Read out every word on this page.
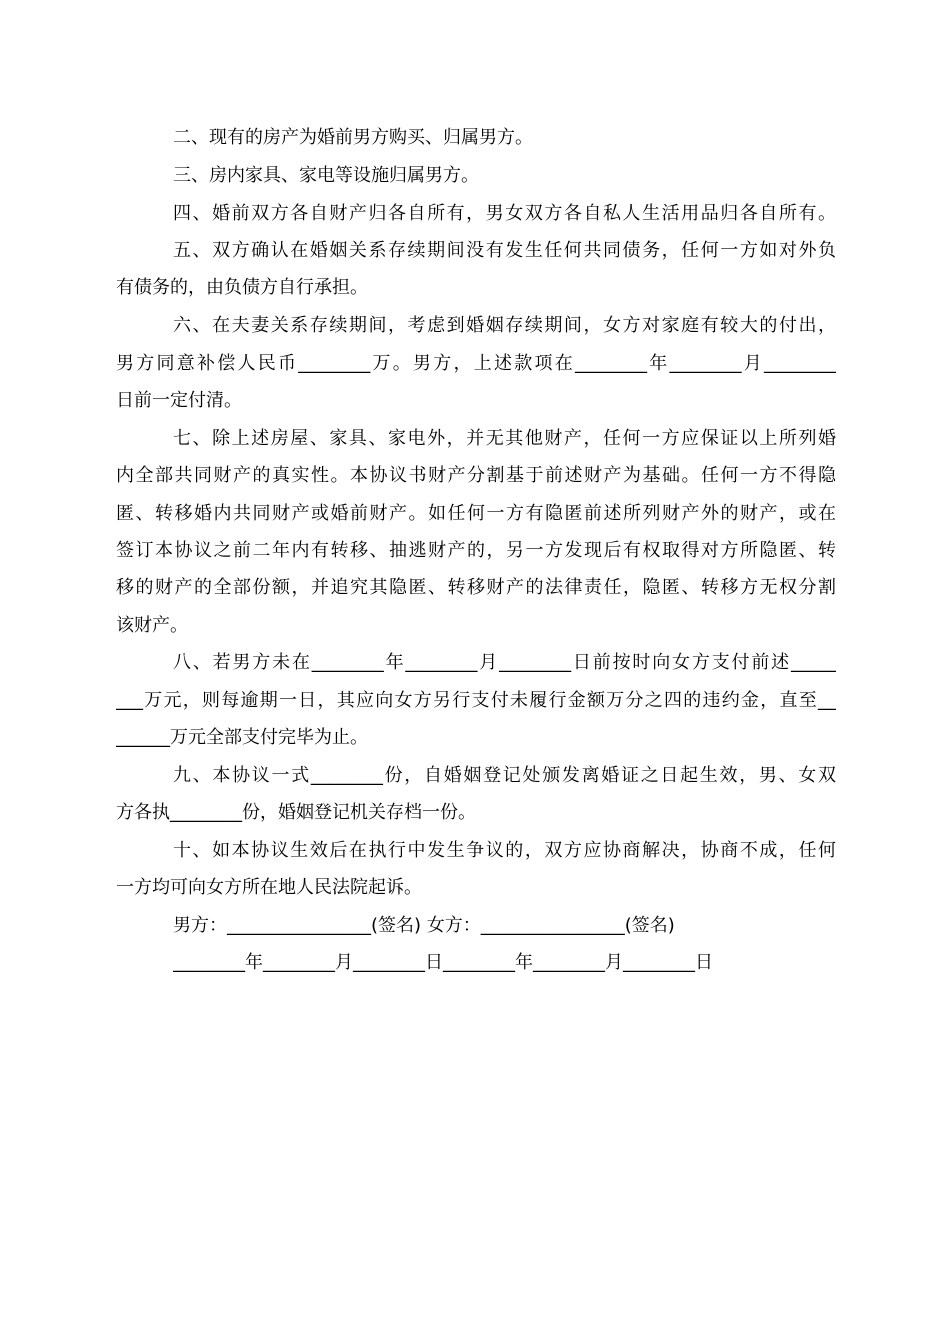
二、现有的房产为婚前男方购买、归属男方。
三、房内家具、家电等设施归属男方。
四、婚前双方各自财产归各自所有，男女双方各自私人生活用品归各自所有。
五、双方确认在婚姻关系存续期间没有发生任何共同债务，任何一方如对外负
有债务的，由负债方自行承担。
六、在夫妻关系存续期间，考虑到婚姻存续期间，女方对家庭有较大的付出，
男方同意补偿人民币________万。男方，上述款项在________年________月________
日前一定付清。
七、除上述房屋、家具、家电外，并无其他财产，任何一方应保证以上所列婚
内全部共同财产的真实性。本协议书财产分割基于前述财产为基础。任何一方不得隐
匿、转移婚内共同财产或婚前财产。如任何一方有隐匿前述所列财产外的财产，或在
签订本协议之前二年内有转移、抽逃财产的，另一方发现后有权取得对方所隐匿、转
移的财产的全部份额，并追究其隐匿、转移财产的法律责任，隐匿、转移方无权分割
该财产。
八、若男方未在________年________月________日前按时向女方支付前述_____
___万元，则每逾期一日，其应向女方另行支付未履行金额万分之四的违约金，直至__
______万元全部支付完毕为止。
九、本协议一式________份，自婚姻登记处颁发离婚证之日起生效，男、女双
方各执________份，婚姻登记机关存档一份。
十、如本协议生效后在执行中发生争议的，双方应协商解决，协商不成，任何
一方均可向女方所在地人民法院起诉。
男方：________________(签名) 女方：________________(签名)
________年________月________日________年________月________日
